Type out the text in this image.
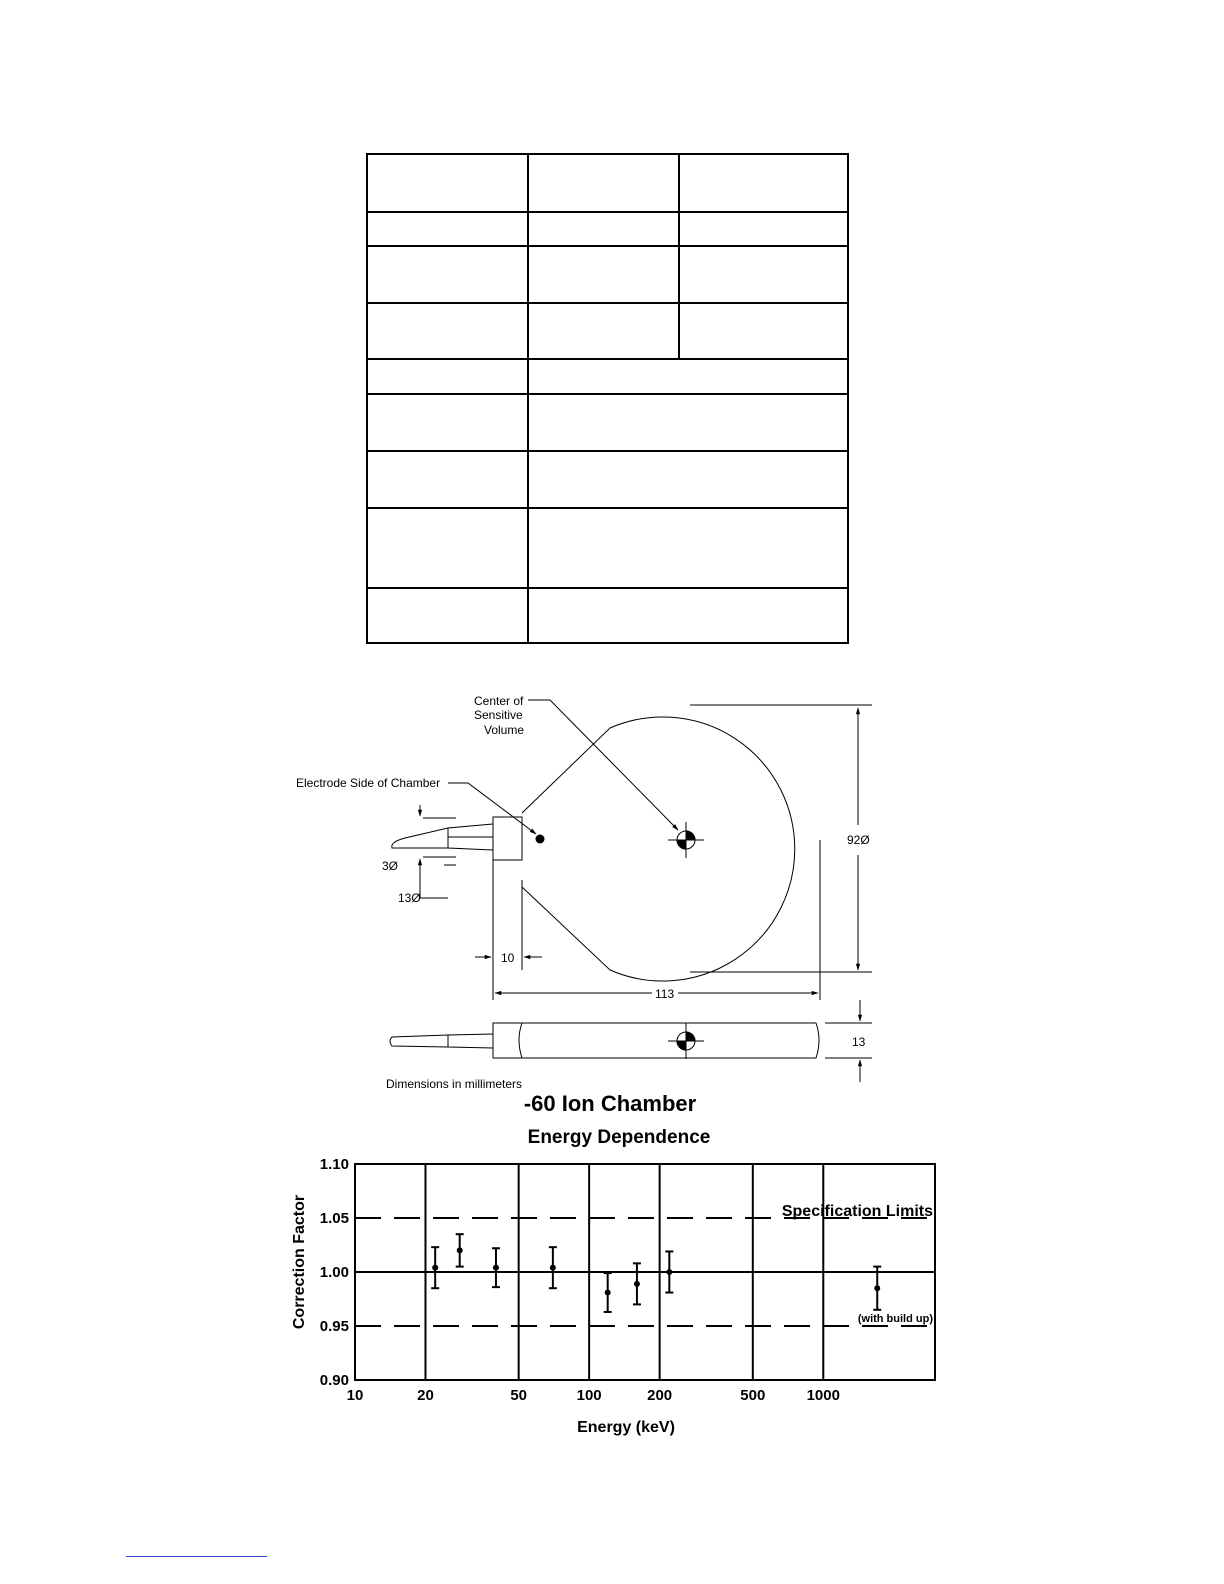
Center of
Sensitive
Volume
Electrode Side of Chamber
3Ø
13Ø
10
113
92Ø
13
Dimensions in millimeters
-60 Ion Chamber
Energy Dependence
10	20	50	100	200	500	1000
0.90
0.95
1.00
1.05
1.10
Specification Limits
(with build up)
Energy (keV)
Correction Factor
